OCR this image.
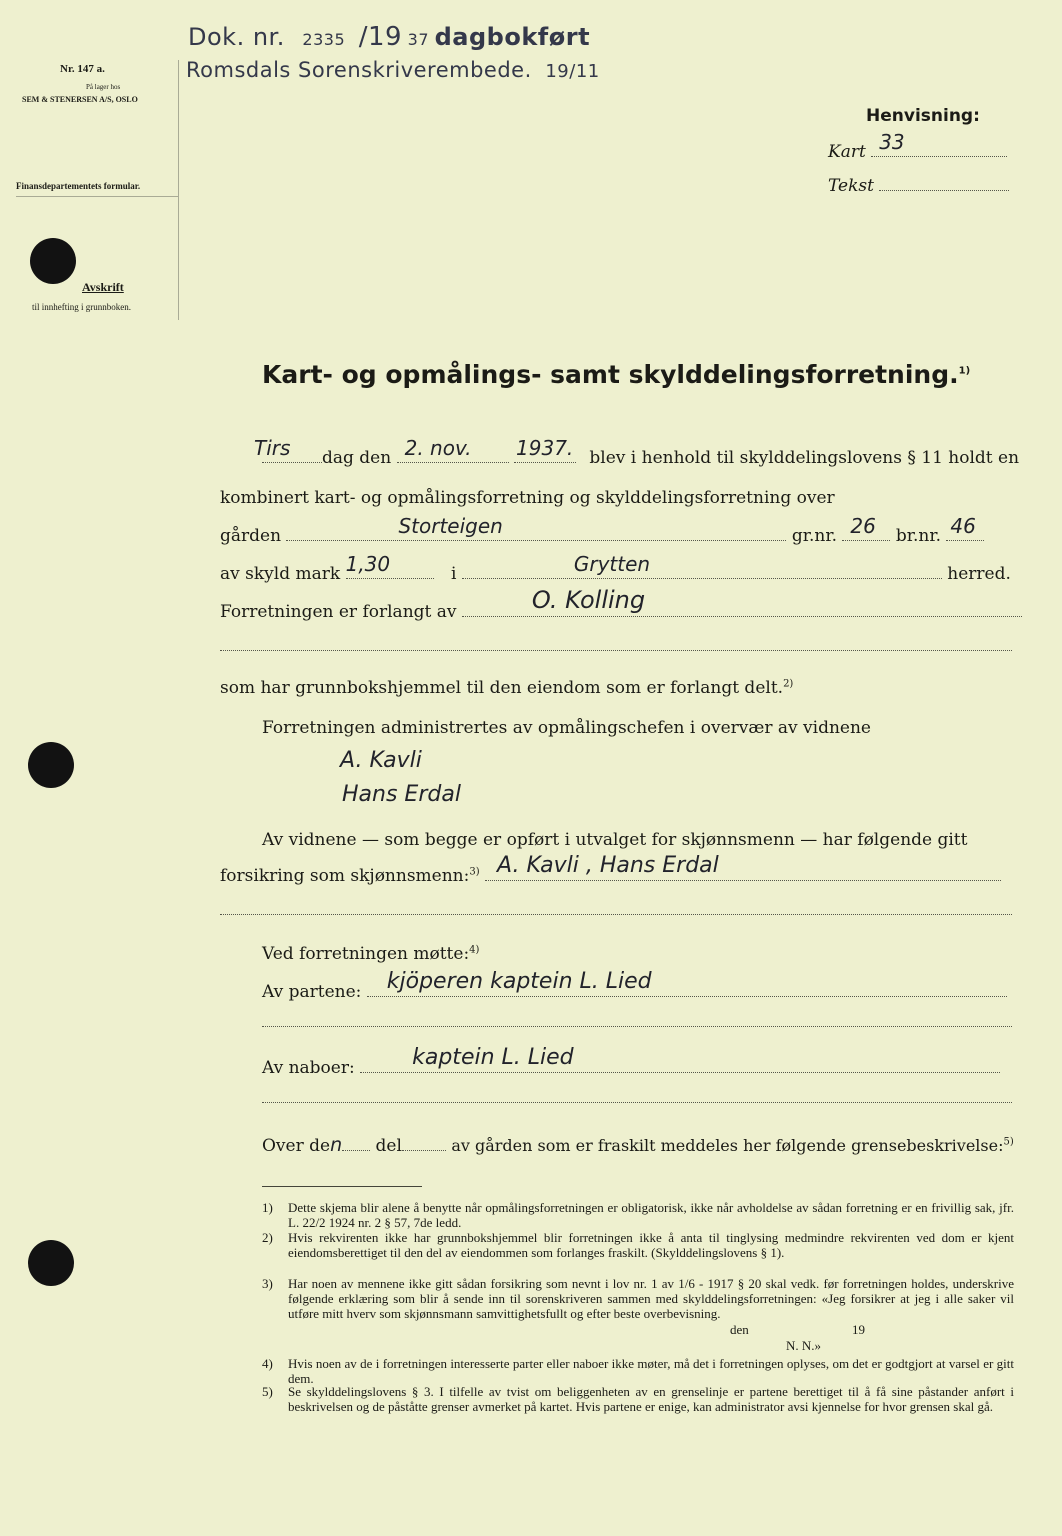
Nr. 147 a.
På lager hos
SEM & STENERSEN A/S, OSLO
Finansdepartementets formular.
Avskrift
til innhefting i grunnboken.
Dok. nr. 2335 /19 37 dagbokført
Romsdals Sorenskriverembede. 19/11
Henvisning:
Kart 33
Tekst
Kart- og opmålings- samt skylddelingsforretning.$^{1)}$
Tirs dag den 2. nov.
1937. blev i henhold til skylddelingslovens § 11 holdt en
kombinert kart- og opmålingsforretning og skylddelingsforretning over
gården	Storteigen	gr.nr. 26 br.nr. 46
av skyld mark 1,30	i	Grytten	herred.
Forretningen er forlangt av	O. Kolling
som har grunnbokshjemmel til den eiendom som er forlangt delt.$^{2)}$
Forretningen administrertes av opmålingschefen i overvær av vidnene
A. Kavli
Hans Erdal
Av vidnene — som begge er opført i utvalget for skjønnsmenn — har følgende gitt
forsikring som skjønnsmenn:$^{3)}$ A. Kavli , Hans Erdal
Ved forretningen møtte:$^{4)}$
Av partene: kjöperen kaptein L. Lied
Av naboer:	kaptein L. Lied
Over den del	av gården som er fraskilt meddeles her følgende grensebeskrivelse:$^{5)}$
1)	Dette skjema blir alene å benytte når opmålingsforretningen er obligatorisk, ikke når avholdelse av sådan forretning er en frivillig sak, jfr. L. 22/2 1924 nr. 2 § 57, 7de ledd.
2)	Hvis rekvirenten ikke har grunnbokshjemmel blir forretningen ikke å anta til tinglysing medmindre rekvirenten ved dom er kjent eiendomsberettiget til den del av eiendommen som forlanges fraskilt. (Skylddelingslovens § 1).
3)	Har noen av mennene ikke gitt sådan forsikring som nevnt i lov nr. 1 av 1/6 - 1917 § 20 skal vedk. før forretningen holdes, underskrive følgende erklæring som blir å sende inn til sorenskriveren sammen med skylddelingsforretningen: «Jeg forsikrer at jeg i alle saker vil utføre mitt hverv som skjønnsmann samvittighetsfullt og efter beste overbevisning.
den	19
N. N.»
4)	Hvis noen av de i forretningen interesserte parter eller naboer ikke møter, må det i forretningen oplyses, om det er godtgjort at varsel er gitt dem.
5)	Se skylddelingslovens § 3. I tilfelle av tvist om beliggenheten av en grenselinje er partene berettiget til å få sine påstander anført i beskrivelsen og de påståtte grenser avmerket på kartet. Hvis partene er enige, kan administrator avsi kjennelse for hvor grensen skal gå.
